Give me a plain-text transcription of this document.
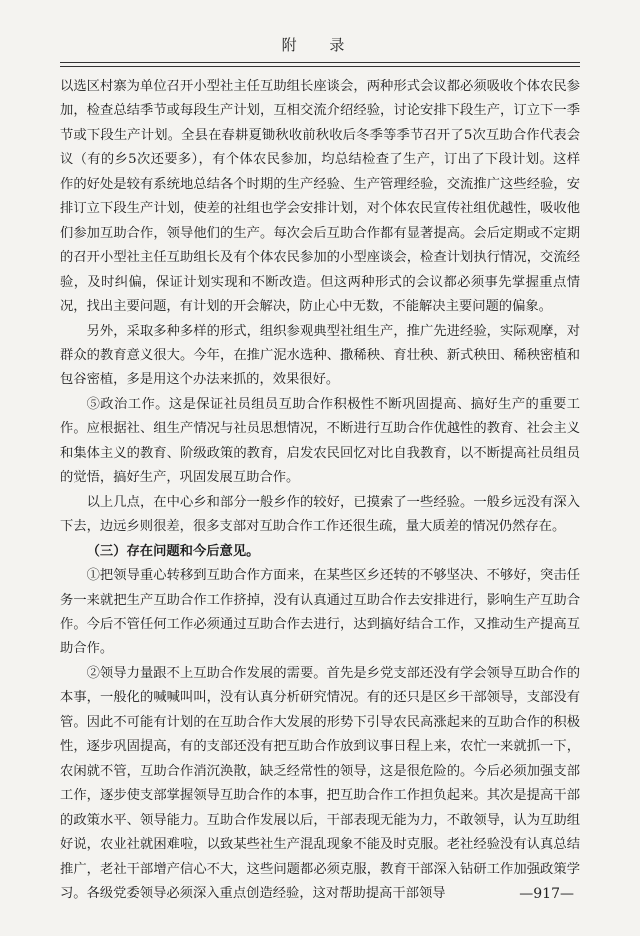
附 录

以选区村寨为单位召开小型社主任互助组长座谈会，两种形式会议都必须吸收个体农民参加，检查总结季节或每段生产计划，互相交流介绍经验，讨论安排下段生产，订立下一季节或下段生产计划。全县在春耕夏锄秋收前秋收后冬季等季节召开了5次互助合作代表会议（有的乡5次还要多），有个体农民参加，均总结检查了生产，订出了下段计划。这样作的好处是较有系统地总结各个时期的生产经验、生产管理经验，交流推广这些经验，安排订立下段生产计划，使差的社组也学会安排计划，对个体农民宣传社组优越性，吸收他们参加互助合作，领导他们的生产。每次会后互助合作都有显著提高。会后定期或不定期的召开小型社主任互助组长及有个体农民参加的小型座谈会，检查计划执行情况，交流经验，及时纠偏，保证计划实现和不断改造。但这两种形式的会议都必须事先掌握重点情况，找出主要问题，有计划的开会解决，防止心中无数，不能解决主要问题的偏象。

另外，采取多种多样的形式，组织参观典型社组生产，推广先进经验，实际观摩，对群众的教育意义很大。今年，在推广泥水选种、撒稀秧、育壮秧、新式秧田、稀秧密植和包谷密植，多是用这个办法来抓的，效果很好。

⑤政治工作。这是保证社员组员互助合作积极性不断巩固提高、搞好生产的重要工作。应根据社、组生产情况与社员思想情况，不断进行互助合作优越性的教育、社会主义和集体主义的教育、阶级政策的教育，启发农民回忆对比自我教育，以不断提高社员组员的觉悟，搞好生产，巩固发展互助合作。

以上几点，在中心乡和部分一般乡作的较好，已摸索了一些经验。一般乡远没有深入下去，边远乡则很差，很多支部对互助合作工作还很生疏，量大质差的情况仍然存在。

（三）存在问题和今后意见。

①把领导重心转移到互助合作方面来，在某些区乡还转的不够坚决、不够好，突击任务一来就把生产互助合作工作挤掉，没有认真通过互助合作去安排进行，影响生产互助合作。今后不管任何工作必须通过互助合作去进行，达到搞好结合工作，又推动生产提高互助合作。

②领导力量跟不上互助合作发展的需要。首先是乡党支部还没有学会领导互助合作的本事，一般化的喊喊叫叫，没有认真分析研究情况。有的还只是区乡干部领导，支部没有管。因此不可能有计划的在互助合作大发展的形势下引导农民高涨起来的互助合作的积极性，逐步巩固提高，有的支部还没有把互助合作放到议事日程上来，农忙一来就抓一下，农闲就不管，互助合作消沉涣散，缺乏经常性的领导，这是很危险的。今后必须加强支部工作，逐步使支部掌握领导互助合作的本事，把互助合作工作担负起来。其次是提高干部的政策水平、领导能力。互助合作发展以后，干部表现无能为力，不敢领导，认为互助组好说，农业社就困难啦，以致某些社生产混乱现象不能及时克服。老社经验没有认真总结推广，老社干部增产信心不大，这些问题都必须克服，教育干部深入钻研工作加强政策学习。各级党委领导必须深入重点创造经验，这对帮助提高干部领导	—917—
